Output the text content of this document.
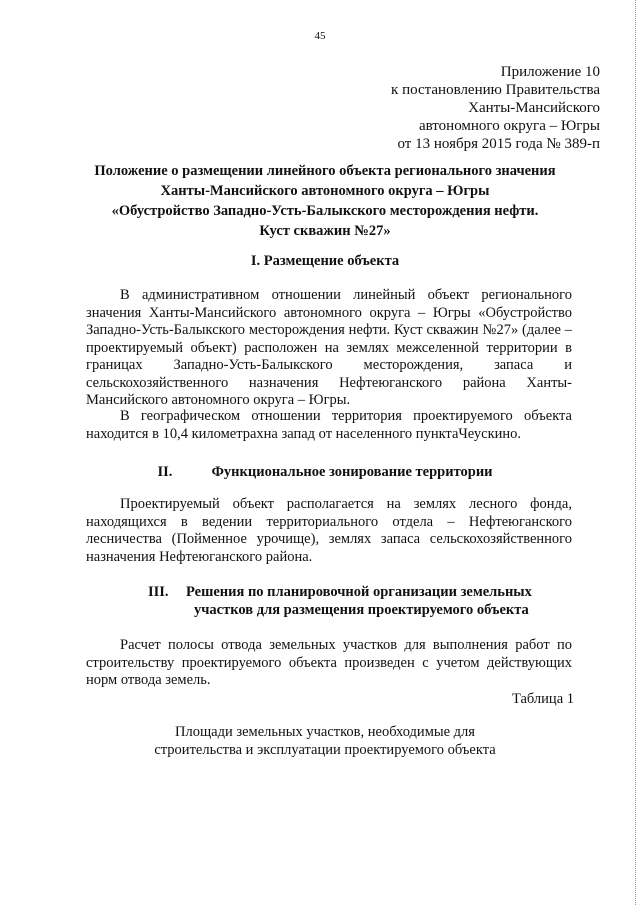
45
Приложение 10
к постановлению Правительства
Ханты-Мансийского
автономного округа – Югры
от 13 ноября 2015 года № 389-п
Положение о размещении линейного объекта регионального значения
Ханты-Мансийского автономного округа – Югры
«Обустройство Западно-Усть-Балыкского месторождения нефти.
Куст скважин №27»
I. Размещение объекта
В административном отношении линейный объект регионального значения Ханты-Мансийского автономного округа – Югры «Обустройство Западно-Усть-Балыкского месторождения нефти. Куст скважин №27» (далее – проектируемый объект) расположен на землях межселенной территории в границах Западно-Усть-Балыкского месторождения, запаса и сельскохозяйственного назначения Нефтеюганского района Ханты-Мансийского автономного округа – Югры.
В географическом отношении территория проектируемого объекта находится в 10,4 километрахна запад от населенного пунктаЧеускино.
II.	Функциональное зонирование территории
Проектируемый объект располагается на землях лесного фонда, находящихся в ведении территориального отдела – Нефтеюганского лесничества (Пойменное урочище), землях запаса сельскохозяйственного назначения Нефтеюганского района.
III.	Решения по планировочной организации земельных
участков для размещения проектируемого объекта
Расчет полосы отвода земельных участков для выполнения работ по строительству проектируемого объекта произведен с учетом действующих норм отвода земель.
Таблица 1
Площади земельных участков, необходимые для
строительства и эксплуатации проектируемого объекта
